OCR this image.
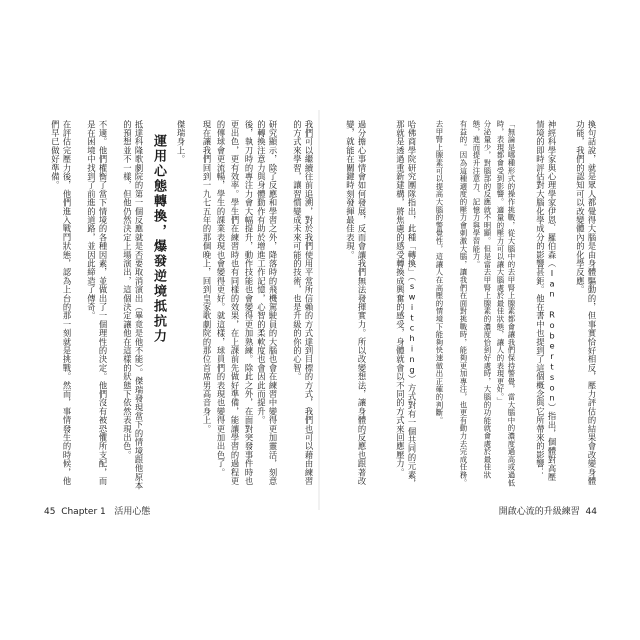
我們可以繼續往前追溯，對於我們使用平常所信賴的方式達到目標的方式，我們也可以藉由練習的方式來學習，讓習慣變成未來可能的技術，也是升級的你的心智。
研究顯示，除了反應和學習之外，降落時的飛機駕駛員的大腦也會在練習中變得更加靈活，刻意的轉換注意力與身體動作有助於增進工作記憶，心智的柔軟度也會因此而提升。
後，執刀時的專注力會大幅提升，動作技能也會變得更加熟練。除此之外，在面對突發事件時也
更出色，更有效率。學生們在練習時也有同樣的效果，在上課前先做好準備，能讓學習的過程更
的傳球會更流暢，學生的課業表現也會變得更好。就這樣，球員們的表現也變得更加出色了。
現在讓我們回到一九七五年的那個晚上，回到皇家歌劇院的那位首席男高音身上。
傑瑞身上。
運用心態轉換，爆發逆境抵抗力
抵達科隆歌劇院的第一個反應就是否要取消演出（畢竟是他不能）。傑瑞發現當下的情境跟他原本的預想並不一樣，但他仍然決定上場演出，這個決定讓他在這樣的狀態下依然表現出色。
不適。他們權衡了當下情境的各種因素，並做出了一個理性的決定。他們沒有被恐懼所支配，而是在困境中找到了前進的道路，並因此締造了傳奇。
在評估完壓力後，他們進入戰鬥狀態，認為上台的那一刻就是挑戰。然而，事情發生的時候，他們早已做好準備。
45 Chapter 1 活用心態
換句話說，就是眾人都覺得大腦是由身體驅動的，但事實恰好相反，壓力評估的結果會改變身體功能，我們的認知可以改變體內的化學反應。
神經科學家與心理學家伊恩．羅伯森（Ian Robertson）指出，個體對高壓情境的即時評估對大腦化學成分的影響甚鉅。他在書中也提到了這個概念與它所帶來的影響：
「無論是哪種形式的操作挑戰，從大腦中的去甲腎上腺素都會讓我們保持警覺，當大腦中的濃度過高或過低時，表現都會受到影響。適量的壓力可以讓大腦處於最佳狀態，讓人的表現更好。」
分泌量少，對腦部的反應就不明顯。但是當去甲腎上腺素的濃度恰到好處時，大腦的功能就會處於最佳狀態，進而提升注意力、記憶力與學習能力。
有益的。因為這種適度的壓力會刺激大腦，讓我們在面對挑戰時，能夠更加專注，也更有動力去完成任務。
去甲腎上腺素可以提高大腦的警覺性，這讓人在高壓的情境下能夠快速做出正確的判斷。
哈佛商學院研究團隊指出，此種「轉換」（switching）方式對有一個共同的元素，那就是透過重新建構，將焦慮的感受轉換成興奮的感受，身體就會以不同的方式來回應壓力。
過分擔心事情會如何發展，反而會讓我們無法發揮實力。所以改變想法，讓身體的反應也跟著改變，就能在關鍵時刻發揮最佳表現。
開啟心流的升級練習 44
